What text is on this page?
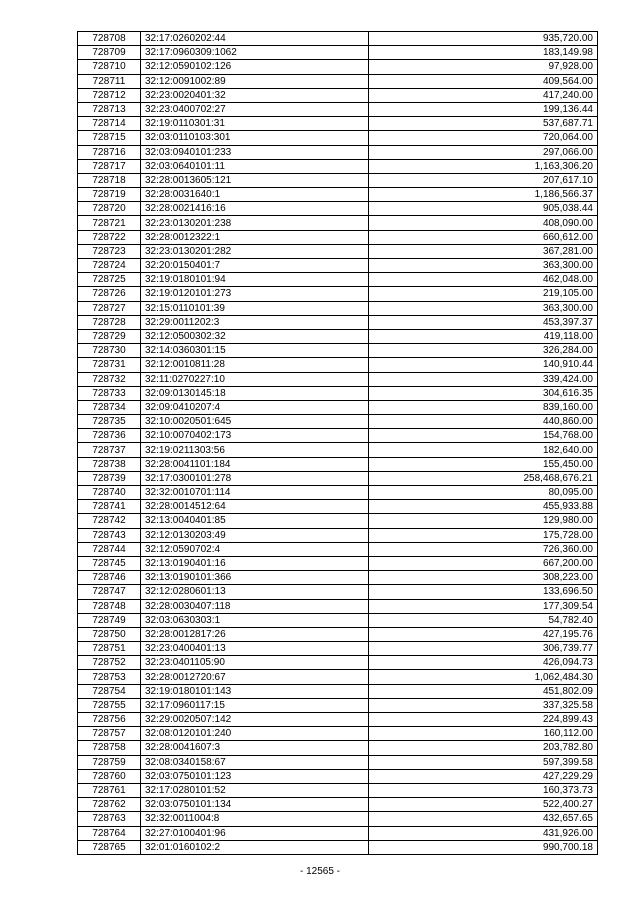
728708	32:17:0260202:44	935,720.00
728709	32:17:0960309:1062	183,149.98
728710	32:12:0590102:126	97,928.00
728711	32:12:0091002:89	409,564.00
728712	32:23:0020401:32	417,240.00
728713	32:23:0400702:27	199,136.44
728714	32:19:0110301:31	537,687.71
728715	32:03:0110103:301	720,064.00
728716	32:03:0940101:233	297,066.00
728717	32:03:0640101:11	1,163,306.20
728718	32:28:0013605:121	207,617.10
728719	32:28:0031640:1	1,186,566.37
728720	32:28:0021416:16	905,038.44
728721	32:23:0130201:238	408,090.00
728722	32:28:0012322:1	660,612.00
728723	32:23:0130201:282	367,281.00
728724	32:20:0150401:7	363,300.00
728725	32:19:0180101:94	462,048.00
728726	32:19:0120101:273	219,105.00
728727	32:15:0110101:39	363,300.00
728728	32:29:0011202:3	453,397.37
728729	32:12:0500302:32	419,118.00
728730	32:14:0360301:15	326,284.00
728731	32:12:0010811:28	140,910.44
728732	32:11:0270227:10	339,424.00
728733	32:09:0130145:18	304,616.35
728734	32:09:0410207:4	839,160.00
728735	32:10:0020501:645	440,860.00
728736	32:10:0070402:173	154,768.00
728737	32:19:0211303:56	182,640.00
728738	32:28:0041101:184	155,450.00
728739	32:17:0300101:278	258,468,676.21
728740	32:32:0010701:114	80,095.00
728741	32:28:0014512:64	455,933.88
728742	32:13:0040401:85	129,980.00
728743	32:12:0130203:49	175,728.00
728744	32:12:0590702:4	726,360.00
728745	32:13:0190401:16	667,200.00
728746	32:13:0190101:366	308,223.00
728747	32:12:0280601:13	133,696.50
728748	32:28:0030407:118	177,309.54
728749	32:03:0630303:1	54,782.40
728750	32:28:0012817:26	427,195.76
728751	32:23:0400401:13	306,739.77
728752	32:23:0401105:90	426,094.73
728753	32:28:0012720:67	1,062,484.30
728754	32:19:0180101:143	451,802.09
728755	32:17:0960117:15	337,325.58
728756	32:29:0020507:142	224,899.43
728757	32:08:0120101:240	160,112.00
728758	32:28:0041607:3	203,782.80
728759	32:08:0340158:67	597,399.58
728760	32:03:0750101:123	427,229.29
728761	32:17:0280101:52	160,373.73
728762	32:03:0750101:134	522,400.27
728763	32:32:0011004:8	432,657.65
728764	32:27:0100401:96	431,926.00
728765	32:01:0160102:2	990,700.18
- 12565 -
